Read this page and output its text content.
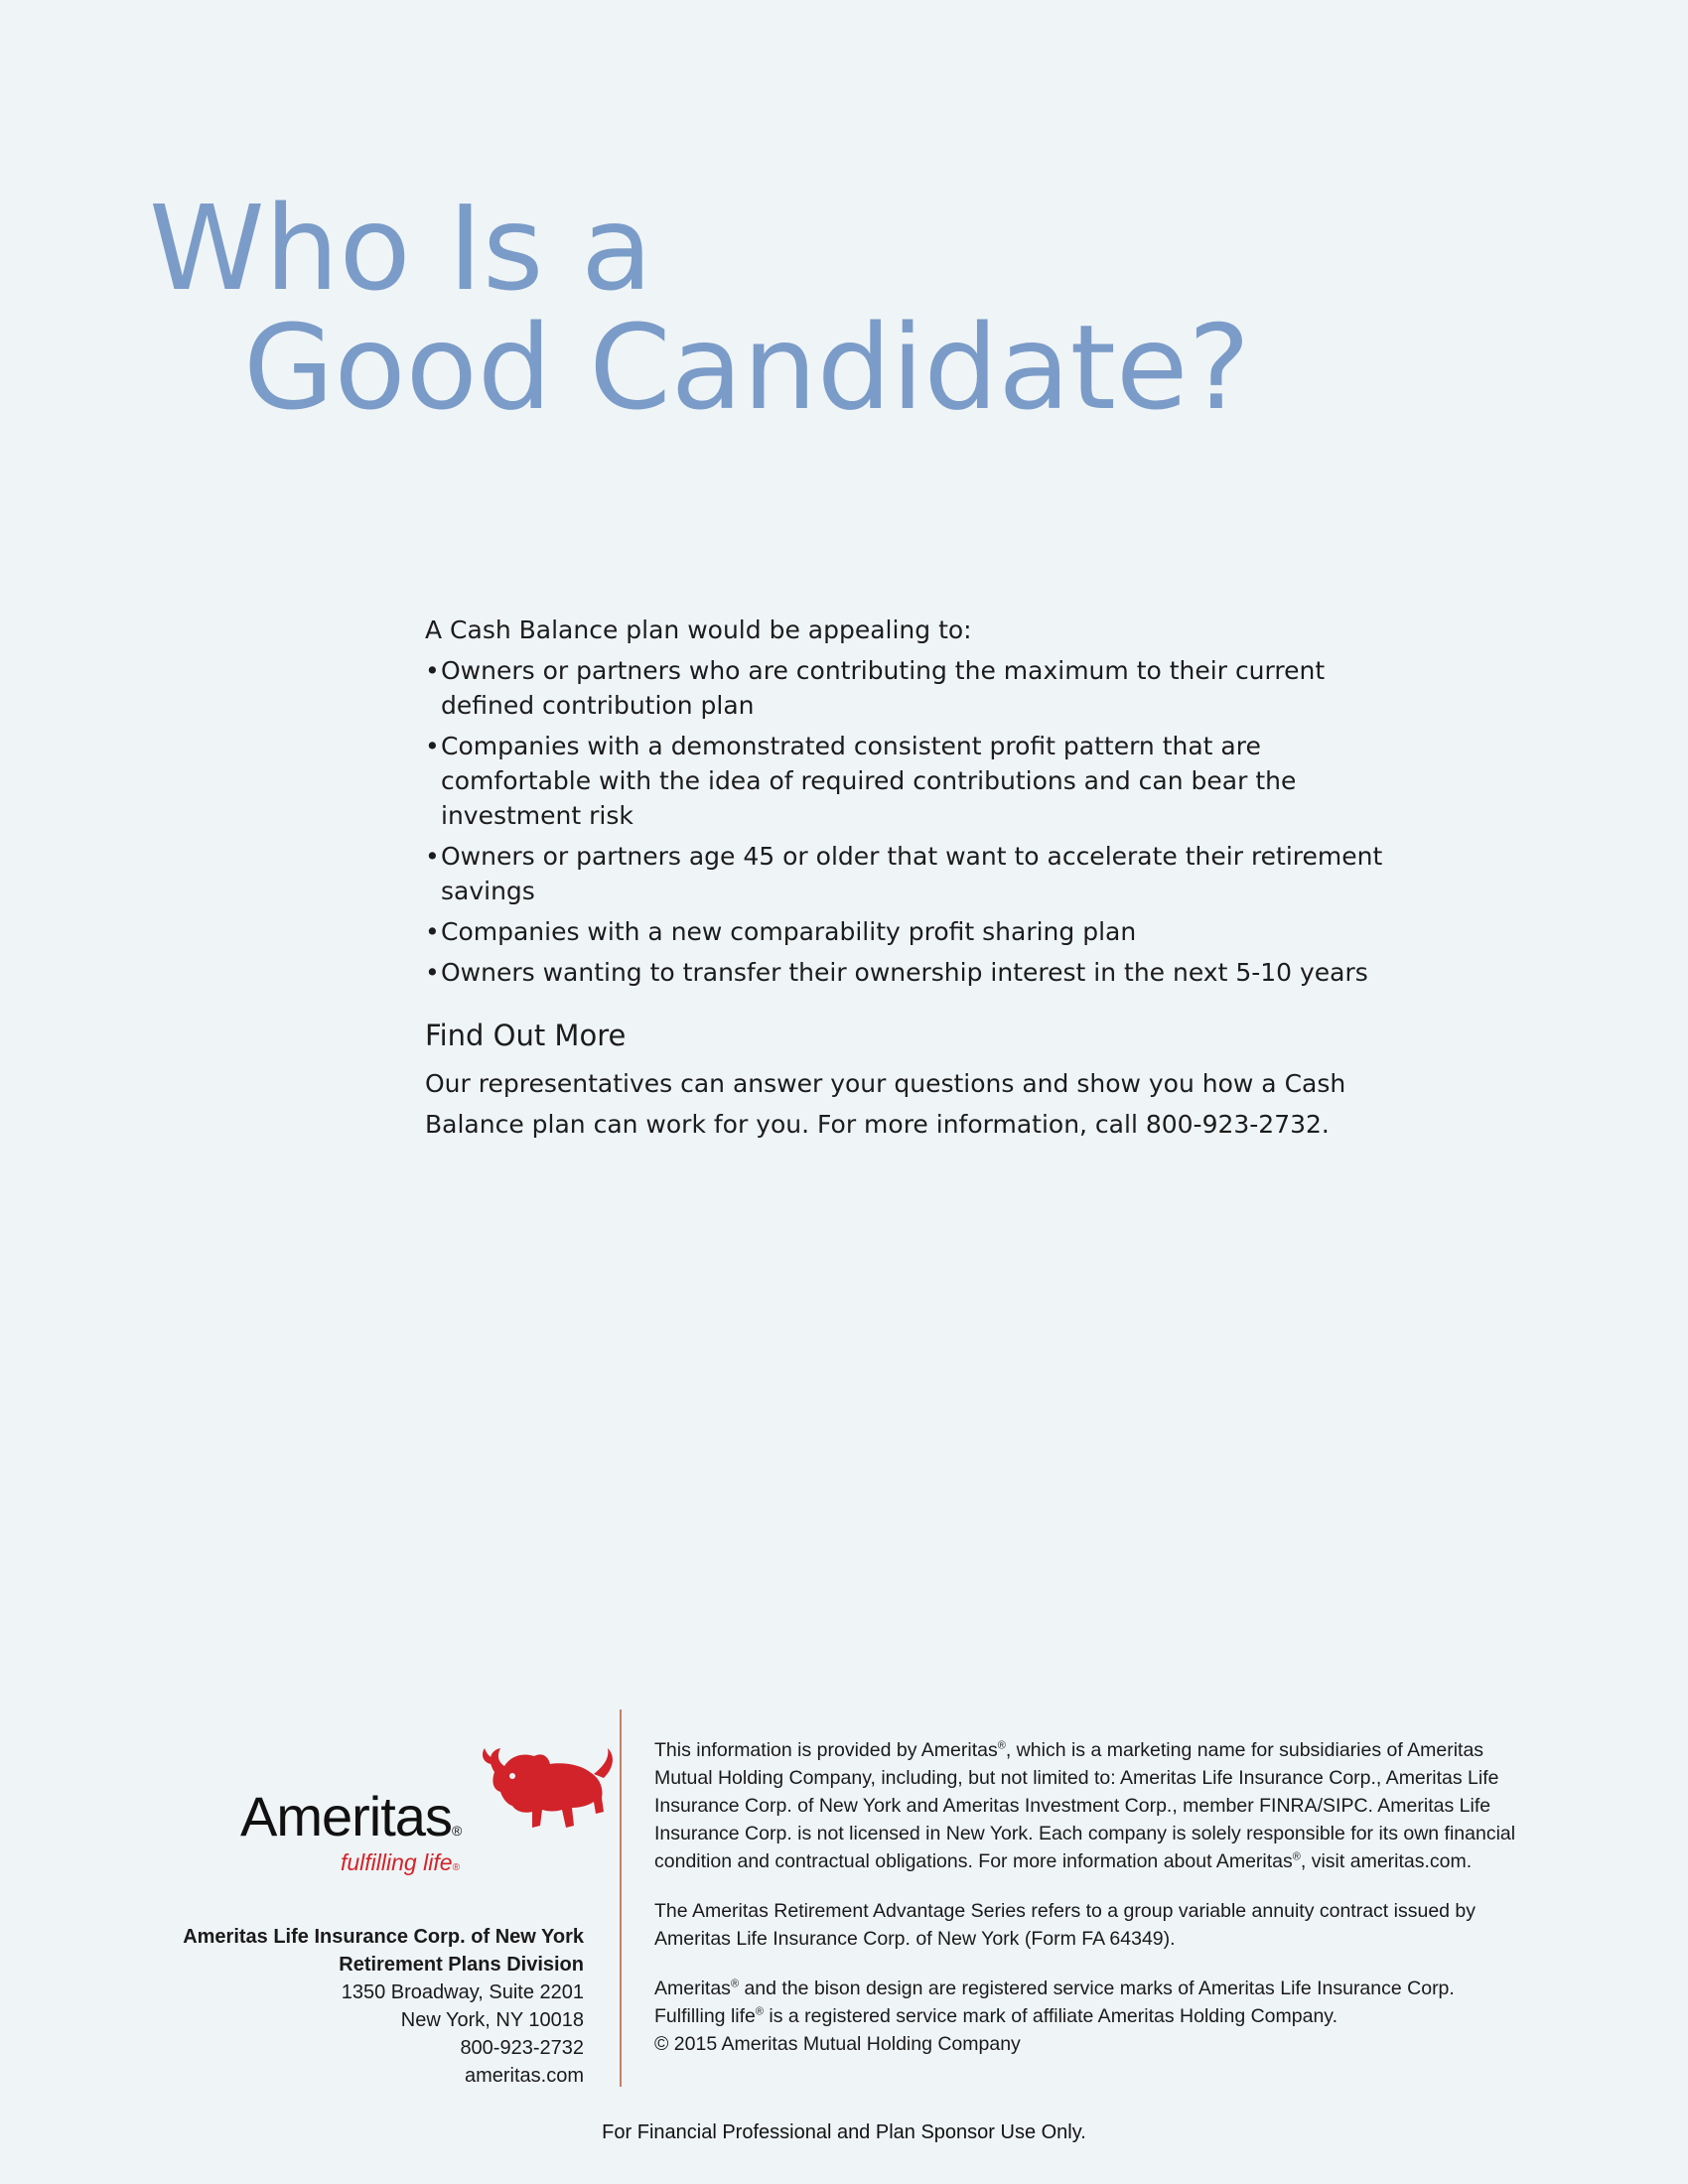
Who Is a
Good Candidate?

A Cash Balance plan would be appealing to:

• Owners or partners who are contributing the maximum to their current defined contribution plan
• Companies with a demonstrated consistent profit pattern that are comfortable with the idea of required contributions and can bear the investment risk
• Owners or partners age 45 or older that want to accelerate their retirement savings
• Companies with a new comparability profit sharing plan
• Owners wanting to transfer their ownership interest in the next 5-10 years
Find Out More

Our representatives can answer your questions and show you how a Cash Balance plan can work for you. For more information, call 800-923-2732.

Ameritas®
fulfilling life®
Ameritas Life Insurance Corp. of New York
Retirement Plans Division
1350 Broadway, Suite 2201
New York, NY 10018
800-923-2732
ameritas.com

This information is provided by Ameritas®, which is a marketing name for subsidiaries of Ameritas Mutual Holding Company, including, but not limited to: Ameritas Life Insurance Corp., Ameritas Life Insurance Corp. of New York and Ameritas Investment Corp., member FINRA/SIPC. Ameritas Life Insurance Corp. is not licensed in New York. Each company is solely responsible for its own financial condition and contractual obligations. For more information about Ameritas®, visit ameritas.com.

The Ameritas Retirement Advantage Series refers to a group variable annuity contract issued by Ameritas Life Insurance Corp. of New York (Form FA 64349).

Ameritas® and the bison design are registered service marks of Ameritas Life Insurance Corp. Fulfilling life® is a registered service mark of affiliate Ameritas Holding Company.
© 2015 Ameritas Mutual Holding Company

For Financial Professional and Plan Sponsor Use Only.
